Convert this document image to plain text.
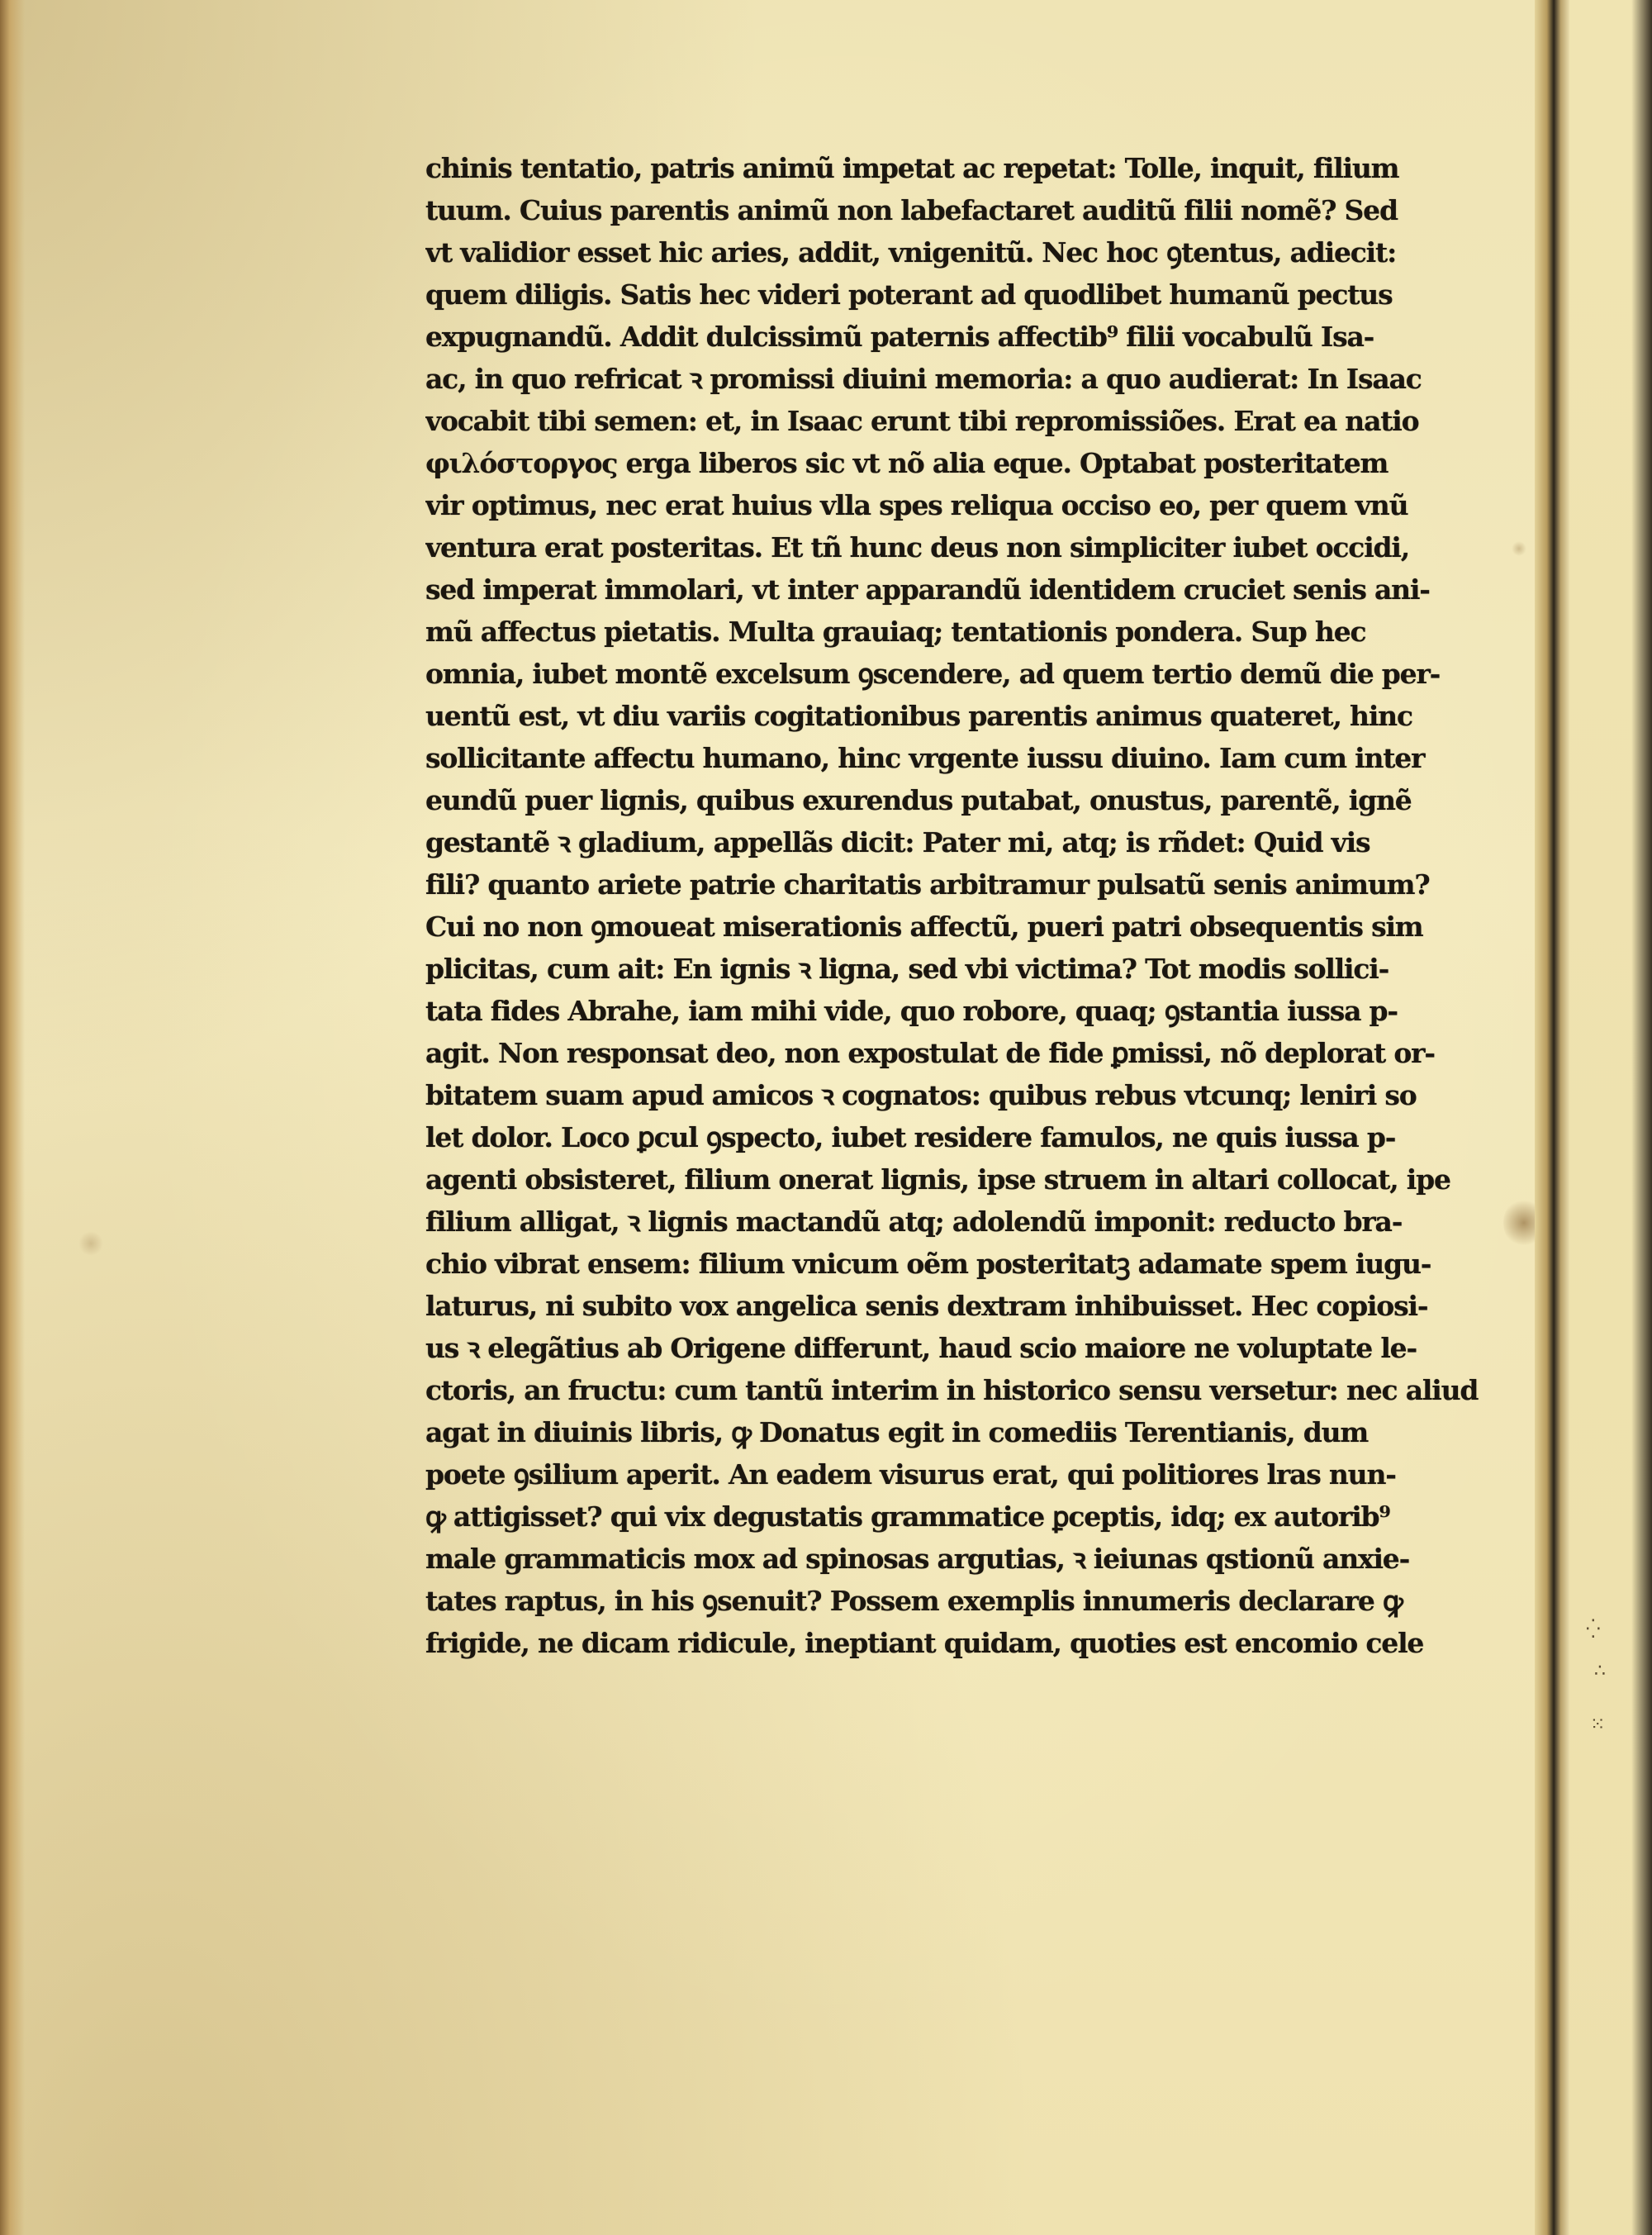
chinis tentatio, patris animũ impetat ac repetat: Tolle, inquit, filium
tuum. Cuius parentis animũ non labefactaret auditũ filii nomẽ? Sed
vt validior esset hic aries, addit, vnigenitũ. Nec hoc ꝯtentus, adiecit:
quem diligis. Satis hec videri poterant ad quodlibet humanũ pectus
expugnandũ. Addit dulcissimũ paternis affectib⁹ filii vocabulũ Isa-
ac, in quo refricat ꝛ promissi diuini memoria: a quo audierat: In Isaac
vocabit tibi semen: et, in Isaac erunt tibi repromissiões. Erat ea natio
φιλόστοργος erga liberos sic vt nõ alia eque. Optabat posteritatem
vir optimus, nec erat huius vlla spes reliqua occiso eo, per quem vnũ
ventura erat posteritas. Et tñ hunc deus non simpliciter iubet occidi,
sed imperat immolari, vt inter apparandũ identidem cruciet senis ani-
mũ affectus pietatis. Multa grauiaq; tentationis pondera. Sup hec
omnia, iubet montẽ excelsum ꝯscendere, ad quem tertio demũ die per-
uentũ est, vt diu variis cogitationibus parentis animus quateret, hinc
sollicitante affectu humano, hinc vrgente iussu diuino. Iam cum inter
eundũ puer lignis, quibus exurendus putabat, onustus, parentẽ, ignẽ
gestantẽ ꝛ gladium, appellãs dicit: Pater mi, atq; is rñdet: Quid vis
fili? quanto ariete patrie charitatis arbitramur pulsatũ senis animum?
Cui no non ꝯmoueat miserationis affectũ, pueri patri obsequentis sim
plicitas, cum ait: En ignis ꝛ ligna, sed vbi victima? Tot modis sollici-
tata fides Abrahe, iam mihi vide, quo robore, quaq; ꝯstantia iussa p-
agit. Non responsat deo, non expostulat de fide ꝑmissi, nõ deplorat or-
bitatem suam apud amicos ꝛ cognatos: quibus rebus vtcunq; leniri so
let dolor. Loco ꝑcul ꝯspecto, iubet residere famulos, ne quis iussa p-
agenti obsisteret, filium onerat lignis, ipse struem in altari collocat, ipe
filium alligat, ꝛ lignis mactandũ atq; adolendũ imponit: reducto bra-
chio vibrat ensem: filium vnicum oẽm posteritatꝫ adamate spem iugu-
laturus, ni subito vox angelica senis dextram inhibuisset. Hec copiosi-
us ꝛ elegãtius ab Origene differunt, haud scio maiore ne voluptate le-
ctoris, an fructu: cum tantũ interim in historico sensu versetur: nec aliud
agat in diuinis libris, ꝙ Donatus egit in comediis Terentianis, dum
poete ꝯsilium aperit. An eadem visurus erat, qui politiores lras nun-
ꝙ attigisset? qui vix degustatis grammatice ꝑceptis, idq; ex autorib⁹
male grammaticis mox ad spinosas argutias, ꝛ ieiunas qstionũ anxie-
tates raptus, in his ꝯsenuit? Possem exemplis innumeris declarare ꝙ
frigide, ne dicam ridicule, ineptiant quidam, quoties est encomio cele	⁛
∴
⁙
